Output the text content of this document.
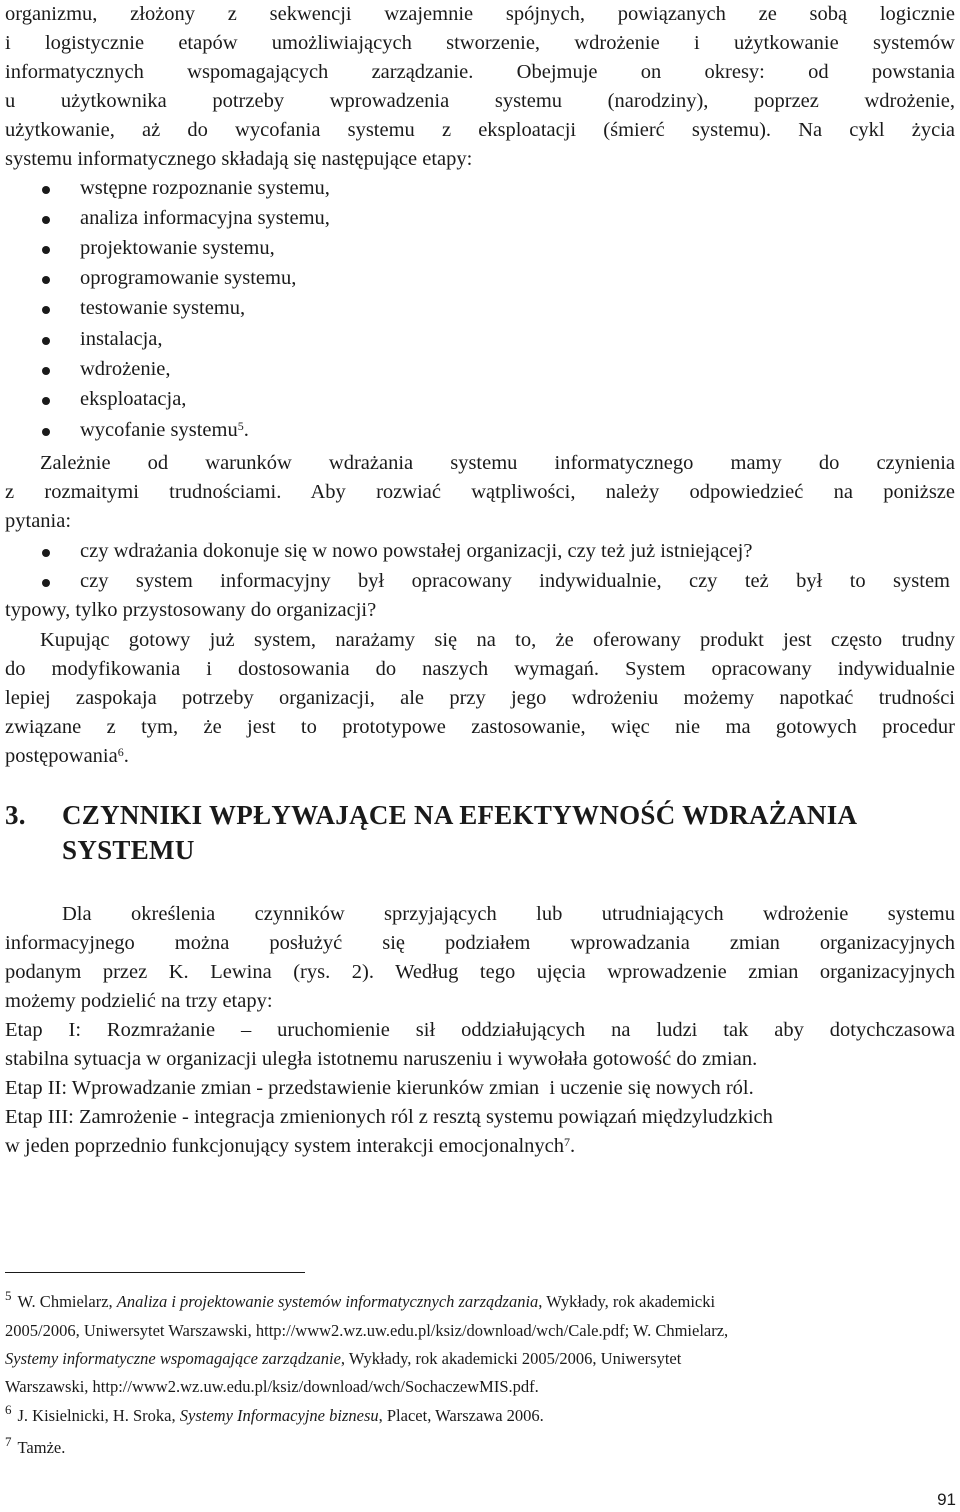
organizmu, złożony z sekwencji wzajemnie spójnych, powiązanych ze sobą logicznie
i logistycznie etapów umożliwiających stworzenie, wdrożenie i użytkowanie systemów
informatycznych wspomagających zarządzanie. Obejmuje on okresy: od powstania
u użytkownika potrzeby wprowadzenia systemu (narodziny), poprzez wdrożenie,
użytkowanie, aż do wycofania systemu z eksploatacji (śmierć systemu). Na cykl życia
systemu informatycznego składają się następujące etapy:
wstępne rozpoznanie systemu,
analiza informacyjna systemu,
projektowanie systemu,
oprogramowanie systemu,
testowanie systemu,
instalacja,
wdrożenie,
eksploatacja,
wycofanie systemu$^5$.
Zależnie od warunków wdrażania systemu informatycznego mamy do czynienia
z rozmaitymi trudnościami. Aby rozwiać wątpliwości, należy odpowiedzieć na poniższe
pytania:
czy wdrażania dokonuje się w nowo powstałej organizacji, czy też już istniejącej?
czy system informacyjny był opracowany indywidualnie, czy też był to system
typowy, tylko przystosowany do organizacji?
Kupując gotowy już system, narażamy się na to, że oferowany produkt jest często trudny
do modyfikowania i dostosowania do naszych wymagań. System opracowany indywidualnie
lepiej zaspokaja potrzeby organizacji, ale przy jego wdrożeniu możemy napotkać trudności
związane z tym, że jest to prototypowe zastosowanie, więc nie ma gotowych procedur
postępowania$^6$.
3. CZYNNIKI WPŁYWAJĄCE NA EFEKTYWNOŚĆ WDRAŻANIA
SYSTEMU
Dla określenia czynników sprzyjających lub utrudniających wdrożenie systemu
informacyjnego można posłużyć się podziałem wprowadzania zmian organizacyjnych
podanym przez K. Lewina (rys. 2). Według tego ujęcia wprowadzenie zmian organizacyjnych
możemy podzielić na trzy etapy:
Etap I: Rozmrażanie – uruchomienie sił oddziałujących na ludzi tak aby dotychczasowa
stabilna sytuacja w organizacji uległa istotnemu naruszeniu i wywołała gotowość do zmian.
Etap II: Wprowadzanie zmian - przedstawienie kierunków zmian  i uczenie się nowych ról.
Etap III: Zamrożenie - integracja zmienionych ról z resztą systemu powiązań międzyludzkich
w jeden poprzednio funkcjonujący system interakcji emocjonalnych$^7$.
$^5$ W. Chmielarz, Analiza i projektowanie systemów informatycznych zarządzania, Wykłady, rok akademicki
2005/2006, Uniwersytet Warszawski, http://www2.wz.uw.edu.pl/ksiz/download/wch/Cale.pdf; W. Chmielarz,
Systemy informatyczne wspomagające zarządzanie, Wykłady, rok akademicki 2005/2006, Uniwersytet
Warszawski, http://www2.wz.uw.edu.pl/ksiz/download/wch/SochaczewMIS.pdf.
$^6$ J. Kisielnicki, H. Sroka, Systemy Informacyjne biznesu, Placet, Warszawa 2006.
$^7$ Tamże.
91
